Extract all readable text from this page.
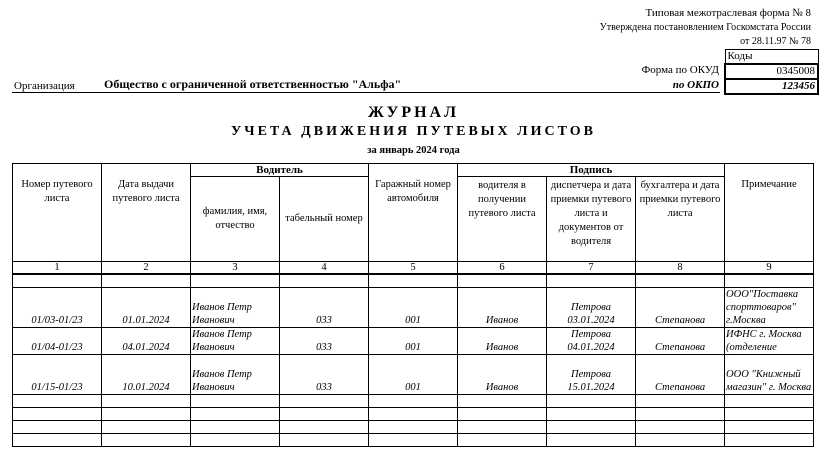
Типовая межотраслевая форма № 8
Утверждена постановлением Госкомстата России
от 28.11.97 № 78
Коды
0345008
123456
Форма по ОКУД
по ОКПО
Организация Общество с ограниченной ответственностью "Альфа"
ЖУРНАЛ
УЧЕТА ДВИЖЕНИЯ ПУТЕВЫХ ЛИСТОВ
за январь 2024 года
Номер путевого листа	Дата выдачи путевого листа	Водитель		Гаражный номер автомобиля	Подпись			Примечание
		фамилия, имя, отчество	табельный номер		водителя в получении путевого листа	диспетчера и дата приемки путевого листа и документов от водителя	бухгалтера и дата приемки путевого листа	
1	2	3	4	5	6	7	8	9

01/03-01/23	01.01.2024	Иванов Петр Иванович	033	001	Иванов	Петрова 03.01.2024	Степанова	ООО"Поставка спорттоваров" г.Москва
01/04-01/23	04.01.2024	Иванов Петр Иванович	033	001	Иванов	Петрова 04.01.2024	Степанова	ИФНС г. Москва (отделение
01/15-01/23	10.01.2024	Иванов Петр Иванович	033	001	Иванов	Петрова 15.01.2024	Степанова	ООО "Книжный магазин" г. Москва
